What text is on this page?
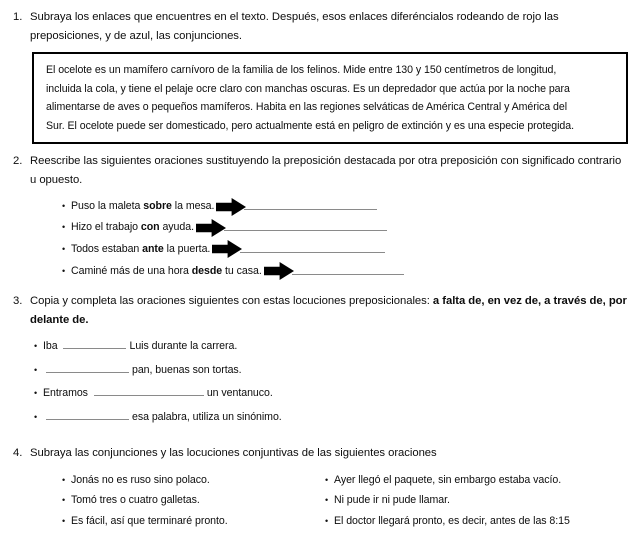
1. Subraya los enlaces que encuentres en el texto. Después, esos enlaces diferéncialos rodeando de rojo las preposiciones, y de azul, las conjunciones.
El ocelote es un mamífero carnívoro de la familia de los felinos. Mide entre 130 y 150 centímetros de longitud,
incluida la cola, y tiene el pelaje ocre claro con manchas oscuras. Es un depredador que actúa por la noche para
alimentarse de aves o pequeños mamíferos. Habita en las regiones selváticas de América Central y América del
Sur. El ocelote puede ser domesticado, pero actualmente está en peligro de extinción y es una especie protegida.
2. Reescribe las siguientes oraciones sustituyendo la preposición destacada por otra preposición con significado contrario u opuesto.
• Puso la maleta sobre la mesa.
• Hizo el trabajo con ayuda.
• Todos estaban ante la puerta.
• Caminé más de una hora desde tu casa.
3. Copia y completa las oraciones siguientes con estas locuciones preposicionales: a falta de, en vez de, a través de, por delante de.
• Iba	Luis durante la carrera.
•	pan, buenas son tortas.
• Entramos	un ventanuco.
•	esa palabra, utiliza un sinónimo.
4. Subraya las conjunciones y las locuciones conjuntivas de las siguientes oraciones
• Jonás no es ruso sino polaco.
• Tomó tres o cuatro galletas.
• Es fácil, así que terminaré pronto.
• Ayer llegó el paquete, sin embargo estaba vacío.
• Ni pude ir ni pude llamar.
• El doctor llegará pronto, es decir, antes de las 8:15
